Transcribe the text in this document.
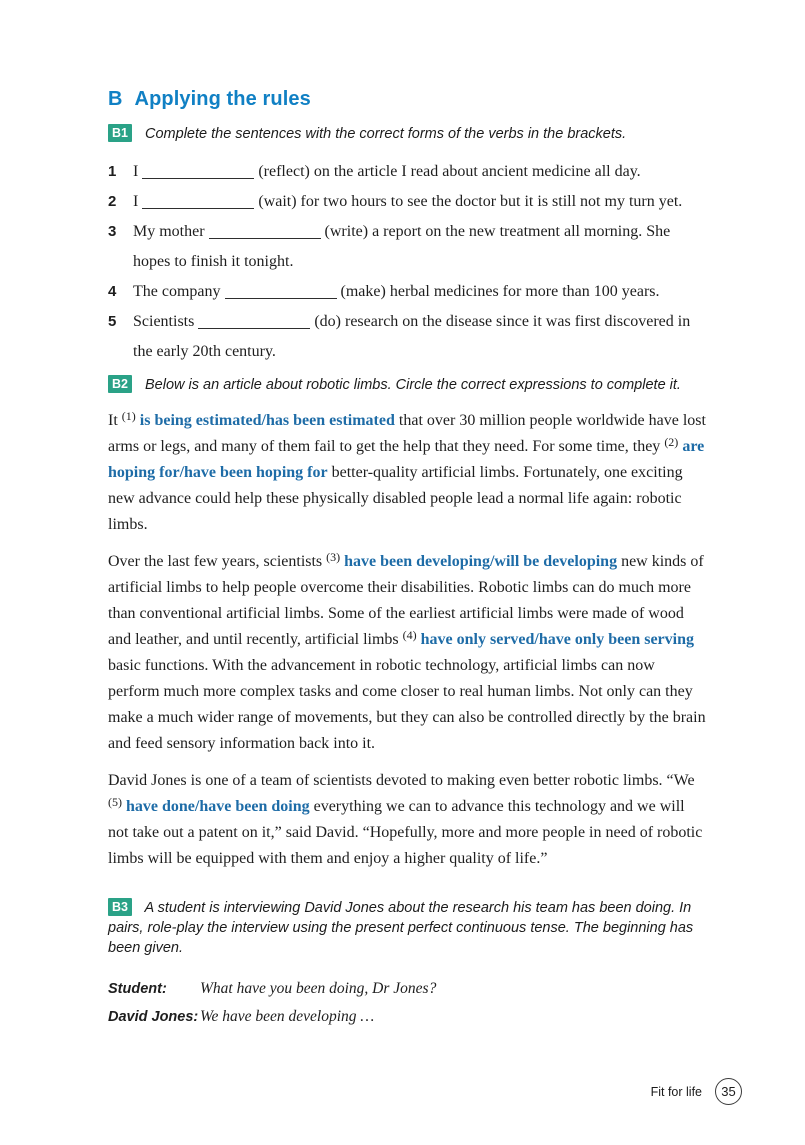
B Applying the rules

B1 Complete the sentences with the correct forms of the verbs in the brackets.

1	I	(reflect) on the article I read about ancient medicine all day.
2	I	(wait) for two hours to see the doctor but it is still not my turn yet.
3	My mother	(write) a report on the new treatment all morning. She hopes to finish it tonight.
4	The company	(make) herbal medicines for more than 100 years.
5	Scientists	(do) research on the disease since it was first discovered in the early 20th century.

B2 Below is an article about robotic limbs. Circle the correct expressions to complete it.

It $^{(1)}$ is being estimated/has been estimated that over 30 million people worldwide have lost arms or legs, and many of them fail to get the help that they need. For some time, they $^{(2)}$ are hoping for/have been hoping for better-quality artificial limbs. Fortunately, one exciting new advance could help these physically disabled people lead a normal life again: robotic limbs.

Over the last few years, scientists $^{(3)}$ have been developing/will be developing new kinds of artificial limbs to help people overcome their disabilities. Robotic limbs can do much more than conventional artificial limbs. Some of the earliest artificial limbs were made of wood and leather, and until recently, artificial limbs $^{(4)}$ have only served/have only been serving basic functions. With the advancement in robotic technology, artificial limbs can now perform much more complex tasks and come closer to real human limbs. Not only can they make a much wider range of movements, but they can also be controlled directly by the brain and feed sensory information back into it.

David Jones is one of a team of scientists devoted to making even better robotic limbs. “We $^{(5)}$ have done/have been doing everything we can to advance this technology and we will not take out a patent on it,” said David. “Hopefully, more and more people in need of robotic limbs will be equipped with them and enjoy a higher quality of life.”

B3 A student is interviewing David Jones about the research his team has been doing. In pairs, role-play the interview using the present perfect continuous tense. The beginning has been given.

Student:	What have you been doing, Dr Jones?
David Jones: We have been developing …
Fit for life	35
